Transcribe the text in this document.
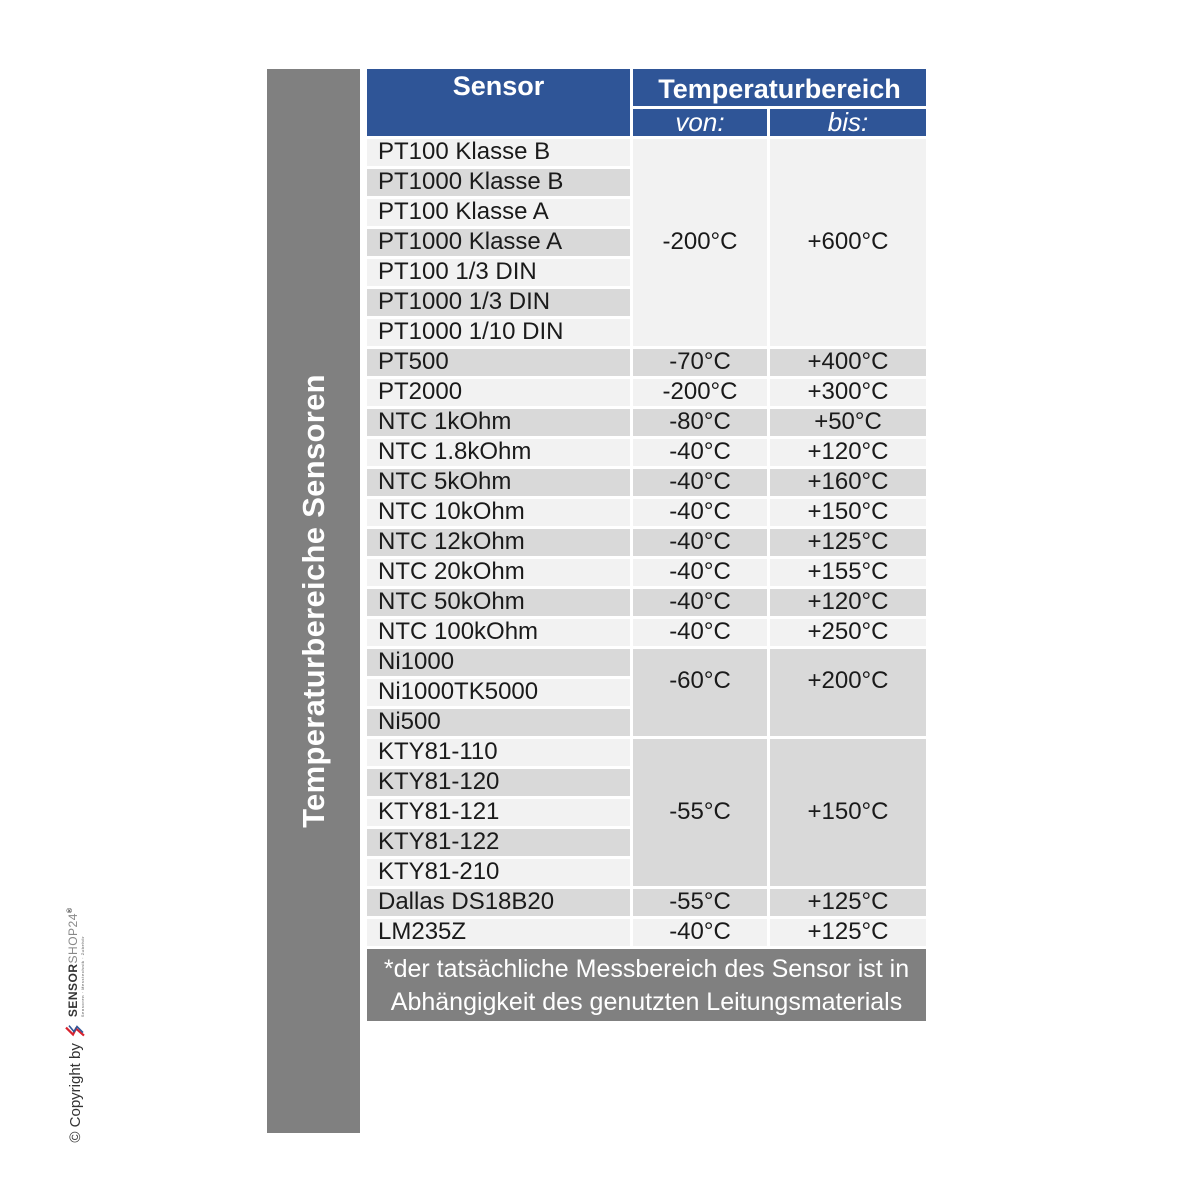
Temperaturbereiche Sensoren
Sensor	Temperaturbereich	
	von:	bis:
PT100 Klasse B	-200°C	+600°C
PT1000 Klasse B		
PT100 Klasse A		
PT1000 Klasse A		
PT100 1/3 DIN		
PT1000 1/3 DIN		
PT1000 1/10 DIN		
PT500	-70°C	+400°C
PT2000	-200°C	+300°C
NTC 1kOhm	-80°C	+50°C
NTC 1.8kOhm	-40°C	+120°C
NTC 5kOhm	-40°C	+160°C
NTC 10kOhm	-40°C	+150°C
NTC 12kOhm	-40°C	+125°C
NTC 20kOhm	-40°C	+155°C
NTC 50kOhm	-40°C	+120°C
NTC 100kOhm	-40°C	+250°C
Ni1000	-60°C	+200°C
Ni1000TK5000		
Ni500		
KTY81-110	-55°C	+150°C
KTY81-120		
KTY81-121		
KTY81-122		
KTY81-210		
Dallas DS18B20	-55°C	+125°C
LM235Z	-40°C	+125°C
*der tatsächliche Messbereich des Sensor ist in Abhängigkeit des genutzten Leitungsmaterials		
© Copyright by
SENSORSHOP24®
Sensoren · Messtechnik · Zubehör
